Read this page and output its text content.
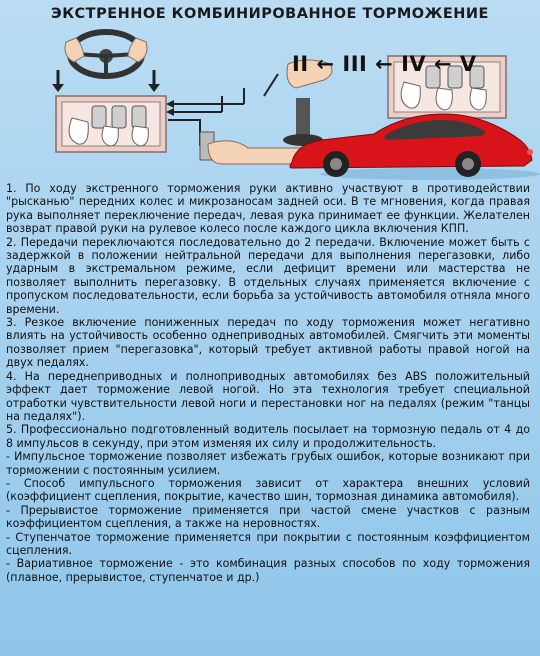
ЭКСТРЕННОЕ КОМБИНИРОВАННОЕ ТОРМОЖЕНИЕ
II ← III ← IV ← V

1. По ходу экстренного торможения руки активно участвуют в противодействии "рысканью" передних колес и микрозаносам задней оси. В те мгновения, когда правая рука выполняет переключение передач, левая рука принимает ее функции. Желателен возврат правой руки на рулевое колесо после каждого цикла включения КПП.

2. Передачи переключаются последовательно до 2 передачи. Включение может быть с задержкой в положении нейтральной передачи для выполнения перегазовки, либо ударным в экстремальном режиме, если дефицит времени или мастерства не позволяет выполнить перегазовку. В отдельных случаях применяется включение с пропуском последовательности, если борьба за устойчивость автомобиля отняла много времени.

3. Резкое включение пониженных передач по ходу торможения может негативно влиять на устойчивость особенно однеприводных автомобилей. Смягчить эти моменты позволяет прием "перегазовка", который требует активной работы правой ногой на двух педалях.

4. На переднеприводных и полноприводных автомобилях без ABS положительный эффект дает торможение левой ногой. Но эта технология требует специальной отработки чувствительности левой ноги и перестановки ног на педалях (режим "танцы на педалях").

5. Профессионально подготовленный водитель посылает на тормозную педаль от 4 до 8 импульсов в секунду, при этом изменяя их силу и продолжительность.

- Импульсное торможение позволяет избежать грубых ошибок, которые возникают при торможении с постоянным усилием.

- Способ импульсного торможения зависит от характера внешних условий (коэффициент сцепления, покрытие, качество шин, тормозная динамика автомобиля).

- Прерывистое торможение применяется при частой смене участков с разным коэффициентом сцепления, а также на неровностях.

- Ступенчатое торможение применяется при покрытии с постоянным коэффициентом сцепления.

- Вариативное торможение - это комбинация разных способов по ходу торможения (плавное, прерывистое, ступенчатое и др.)
